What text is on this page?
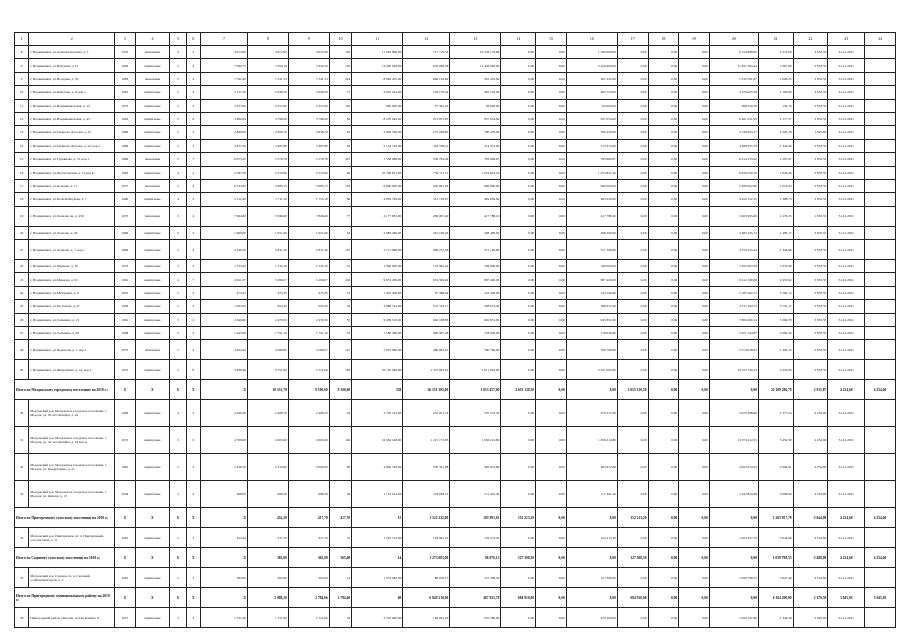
1	2	3	4	5	6	7	8	9	10	11	12	13	14	15	16	17	18	19	20	21	22	23	24
8	г. Владикавказ, ул.Алихана Кесаева, д. 3	1976	панельные	4	2	4 672,90	4 672,90	4 672,90	105	11 093 896,00	717 719,32	10 376 176,68	0,00	0,00	1 369 008,00	0,00	0,00	0,00	9 724 888,00	2 374,60	3 833,55	31.12.2021	
9	г. Владикавказ, ул.Ватутина, д.72	1962	кирпичные	5	4	7 990,77	7 650,19	7 650,19	156	14 260 028,00	879 060,58	13 426 902,00	0,00	0,00	2 426 902,00	0,00	0,00	0,00	11 847 264,42	1 961,80	3 833,55	31.12.2021	
9	г. Владикавказ, ул.Вооружк, д. 3б	1983	панельные	5	4	7 592,40	7 541,13	7 541,13	224	8 062 455,00	866 156,82	361 245,00	0,00	0,00	361 245,00	0,00	0,00	0,00	7 012 581,87	1 090,25	3 833,55	31.12.2021	
10	г. Владикавказ, ул.Билегаев, д. 8, кор.1	1961	кирпичные	5	4	3 121,50	2 940,50	2 940,50	77	4 097 244,00	218 178,42	465 724,00	0,00	0,00	465 724,00	0,00	0,00	0,00	3 376 663,58	1 190,80	3 833,55	31.12.2021	
11	г. Владикавказ, ул.Владикавказская, д. 14	1973	кирпичные	5	2	5 257,00	5 257,00	5 257,00	105	840 000,00	57 305,22	84 000,00	0,00	0,00	84 000,00	0,00	0,00	0,00	698 610,78	156,79	3 833,55	31.12.2021	
12	г. Владикавказ, ул.Владикавказская, д. 43	1963	кирпичные	5	6	3 860,09	3 798,20	3 798,20	82	8 270 949,00	971 873,05	837 054,00	0,00	0,00	637 054,00	0,00	0,00	0,00	6 461 021,95	2 177,57	3 833,55	31.12.2021	
13	г. Владикавказ, ул.Генерала Дзусова, д. 15	1986	кирпичные	5	3	2 860,00	2 858,70	2 858,70	81	3 904 766,00	273 228,83	780 476,00	0,00	0,00	780 476,00	0,00	0,00	0,00	2 740 624,17	1 093,78	1 823,85	31.12.2021	
14	г. Владикавказ, ул.Генерала Дзусова, д. 22, кор.1	1986	кирпичные	5	1	3 817,20	3 487,80	3 487,80	84	5 154 136,00	354 708,21	513 413,00	0,00	0,00	513 413,00	0,00	0,00	0,00	4 286 955,79	1 342,60	3 833,55	31.12.2021	
15	г. Владикавказ, ул.Гурьянова, д. 5т, кор.1	1969	панельные	5	7	6 075,20	5 579,79	5 579,70	207	7 536 088,00	539 763,49	783 669,87	0,00	0,00	783 669,87	0,00	0,00	0,00	6 214 233,00	1 297,67	3 833,55	31.12.2021	
16	г. Владикавказ, ул.Пролетарская, д. 14 кор.Б	1963	кирпичные	4	4	2 587,50	2 579,90	2 579,90	60	10 748 871,00	734 711,71	1 074 823,10	0,00	0,00	1 074 823,10	0,00	0,00	0,00	8 939 030,10	1 828,26	3 833,55	31.12.2021	
17	г. Владикавказ, ул.Коцоева, д. 17	1977	панельные	5	4	6 535,85	5 985,73	5 985,73	176	6 600 000,00	450 607,94	660 000,00	0,00	0,00	660 000,00	0,00	0,00	0,00	5 489 092,96	1 010,44	3 833,55	31.12.2021	
18	г. Владикавказ, ул.Кооп.Кайтукова, д. 7	1990	кирпичные	4	5	2 512,40	1 711,10	1 755,10	86	4 859 799,00	351 718,67	485 659,00	0,00	0,00	485 659,00	0,00	0,00	0,00	4 022 132,15	1 388,73	3 833,55	31.12.2021	
19	г. Владикавказ, ул.Леонова пр. д. 256	1975	панельные	5	4	7 964,60	7 846,60	7 846,60	77	4 177 881,00	299 097,40	417 788,10	0,00	0,00	417 788,10	0,00	0,00	0,00	3 465 995,90	1 479,25	1 833,55	31.12.2021	
20	г. Владикавказ, ул.Леонова, д. 6б	1966	кирпичные	5	2	1 969,60	1 651,60	1 651,60	64	2 984 460,00	201 106,26	298 460,00	0,00	0,00	298 460,00	0,00	0,00	0,00	2 485 245,74	1 485,17	3 833,55	31.12.2021	
21	г. Владикавказ, ул.Леонова, д. 7, кор.1	1966	кирпичные	5	4	4 246,30	2 831,30	2 831,30	147	5 711 008,00	390 272,56	571 100,80	0,00	0,00	571 100,80	0,00	0,00	0,00	4 750 223,44	1 344,98	3 833,55	31.12.2021	
22	г. Владикавказ, ул.Маркова, д. 32	1974	кирпичные	3	2	1 135,20	1 135,10	1 135,10	41	1 990 000,00	135 995,42	199 000,00	0,00	0,00	199 000,00	0,00	0,00	0,00	1 655 004,58	1 679,40	3 833,55	31.12.2021	
23	г. Владикавказ, ул.Маркова, д. 91	1961	кирпичные	4	7	4 921,57	5 299,07	5 299,07	104	9 874 200,00	674 599,92	987 420,00	0,00	0,00	987 420,00	0,00	0,00	0,00	8 212 180,08	2 455,92	3 833,55	31.12.2021	
24	г. Владикавказ, ул.Мичурина, д. 8	1955	кирпичные	2	2	474,35	475,35	475,35	13	1 425 499,00	97 388,49	142 549,90	0,00	0,00	142 549,90	0,00	0,00	0,00	1 185 562,15	2 582,13	3 833,55	31.12.2021	
25	г. Владикавказ, ул.Рестокова, д. 47	1956	кирпичные	2	2	1 003,50	654,30	654,30	24	3 986 724,00	272 316,17	398 672,40	0,00	0,00	398 672,40	0,00	0,00	0,00	3 317 444,73	3 701,17	3 833,55	31.12.2021	
26	г. Владикавказ, ул.Тельмана, д. 15	1961	кирпичные	5	2	2 649,60	2 479,50	2 479,50	55	9 458 510,00	646 198,86	945 851,00	0,00	0,00	945 851,00	0,00	0,00	0,00	7 866 460,14	3 369,79	3 833,55	31.12.2021	
27	г. Владикавказ, ул.Тельмана, д. 49	1968	кирпичные	5	2	1 945,90	1 791,10	1 791,10	32	7 180 369,00	490 587,28	718 036,90	0,00	0,00	718 036,90	0,00	0,00	0,00	5 971 744,87	3 082,42	3 833,55	31.12.2021	
28	г. Владикавказ, ул.Церетели, д. 7, кор.1	1975	панельные	5	4	4 622,20	4 586,00	4 586,07	127	7 607 660,00	480 803,97	760 766,00	0,00	0,00	760 766,00	0,00	0,00	0,00	5 574 058,03	1 304,35	3 833,55	31.12.2021	
29	г. Владикавказ, ул.Шмулевича, д. 14, кор.1	1972	кирпичные	5	8	5 836,40	5 751,00	5 751,00	183	20 110 026,00	1 375 003,67	2 011 002,60	0,00	0,00	2 011 002,60	0,00	0,00	0,00	16 723 120,33	3 433,85	3 833,55	31.12.2021	
Итого по Моздокскому городскому поселению на 2019 г.:		X	X	X	X	X	10 551,70	9 100,60	9 100,60	338	26 531 305,00	1 813 457,00	2 653 130,50	0,00	0,00	2 653 130,50	0,00	0,00	0,00	22 109 286,79	2 915,87	4 254,60	4 254,60
30	Моздокский р-н, Моздокское городское поселение, г. Моздок, ул. 26 лет Октября, д. 42	1966	кирпичные	4	3	2 649,20	2 468,70	2 468,70	94	3 702 723,00	252 951,74	370 272,30	0,00	0,00	370 272,30	0,00	0,00	0,00	3 079 498,96	1 377,24	4 254,60	31.12.2021	
31	Моздокский р-н, Моздокское городское поселение, г. Моздок, ул. 50 лет Октября, д. 44 кор.А	1972	кирпичные	5	6	4 709,60	4 003,60	4 003,60	146	16 362 148,00	1 215 172,95	1 636 214,80	0,00	0,00	1 636 214,80	0,00	0,00	0,00	13 374 412,55	3 450,30	4 254,60	31.12.2021	
32	Моздокский р-н, Моздокское городское поселение, г. Моздок, ул. Кондратенко, д. 21	1981	кирпичные	5	3	2 436,70	2 314,00	2 000,00	60	4 836 728,00	330 341,98	483 672,80	0,00	0,00	483 672,80	0,00	0,00	0,00	4 022 614,52	2 994,91	4 254,60	31.12.2021	
33	Моздокский р-н, Моздокское городское поселение, г. Моздок, ул. Кирова, д. 13	1959	кирпичные	3	2	668,00	668,30	668,30	26	1 714 914,00	118 638,12	171 491,40	0,00	0,00	171 491,40	0,00	0,00	0,00	1 442 834,48	3 906,90	4 254,60	31.12.2021	
Итого по Притеречному сельскому поселению на 2019 г.:		X	X	X	X	X	452,20	417,70	417,70	15	1 522 132,00	103 991,01	152 213,20	0,00	0,00	152 213,20	0,00	0,00	0,00	1 265 927,79	3 644,08	4 254,60	4 254,60
34	Моздокский р-н, Притеречное сп, п. Притеречный, ул.Советская, д. 11	1961	кирпичные	2	1	452,20	417,70	417,70	15	1 522 132,00	103 991,01	152 213,20	0,00	0,00	152 213,20	0,00	0,00	0,00	1 265 927,79	3 644,08	4 254,60	31.12.2021	
Итого по Садовому сельскому поселению на 2019 г.:		X	X	X	X	X	382,00	365,00	365,00	14	1 273 083,00	86 976,15	127 308,30	0,00	0,00	127 308,30	0,00	0,00	0,00	1 058 798,55	3 488,08	4 254,60	4 254,60
35	Моздокский р-н, Садовое сп, п. Садовый, ул.Механизаторов, д. 3	1961	кирпичные	2	1	382,00	365,00	365,00	14	1 273 083,00	86 976,15	127 308,30	0,00	0,00	127 308,30	0,00	0,00	0,00	1 058 798,55	3 827,49	4 254,60	31.12.2021	
Итого по Пригородному муниципальному району на 2019 г.:		X	X	X	X	X	2 889,20	2 784,66	2 784,66	60	6 849 210,00	467 925,78	684 910,00	0,00	0,00	684 910,00	0,00	0,00	0,00	6 164 290,00	2 379,50	3 945,05	3 945,05
36	Пригородный район, г.Беслан, ул.Ген.Плиева, 8	1971	кирпичные	3	3	1 751,40	1 721,60	1 721,60	36	2 355 600,00	160 932,20	235 560,00	0,00	0,00	235 560,00	0,00	0,00	0,00	1 959 107,80	1 344,58	3 945,05	31.12.2021	
